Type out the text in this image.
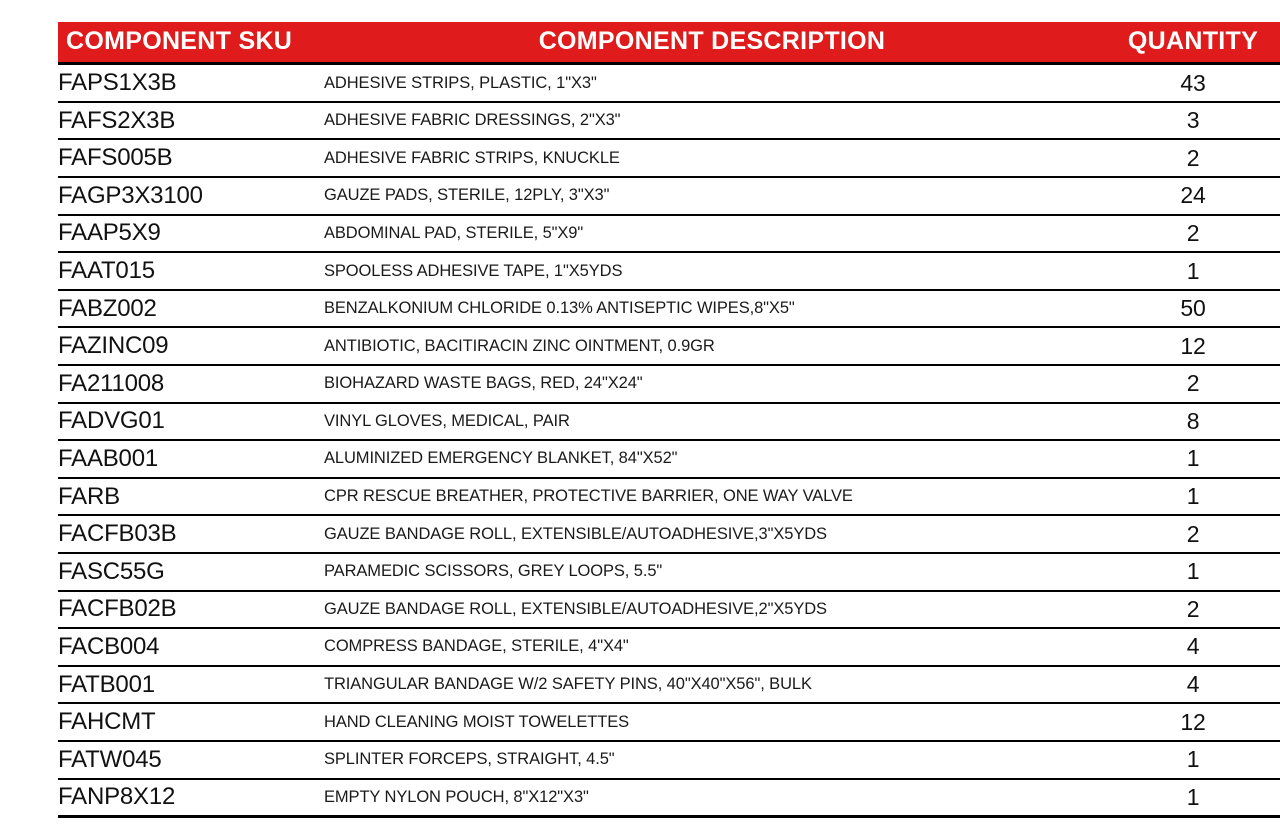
COMPONENT SKU	COMPONENT DESCRIPTION	QUANTITY
FAPS1X3B	ADHESIVE STRIPS, PLASTIC, 1"X3"	43
FAFS2X3B	ADHESIVE FABRIC DRESSINGS, 2"X3"	3
FAFS005B	ADHESIVE FABRIC STRIPS, KNUCKLE	2
FAGP3X3100	GAUZE PADS, STERILE, 12PLY, 3"X3"	24
FAAP5X9	ABDOMINAL PAD, STERILE, 5"X9"	2
FAAT015	SPOOLESS ADHESIVE TAPE, 1"X5YDS	1
FABZ002	BENZALKONIUM CHLORIDE 0.13% ANTISEPTIC WIPES,8"X5"	50
FAZINC09	ANTIBIOTIC, BACITIRACIN ZINC OINTMENT, 0.9GR	12
FA211008	BIOHAZARD WASTE BAGS, RED, 24"X24"	2
FADVG01	VINYL GLOVES, MEDICAL, PAIR	8
FAAB001	ALUMINIZED EMERGENCY BLANKET, 84"X52"	1
FARB	CPR RESCUE BREATHER, PROTECTIVE BARRIER, ONE WAY VALVE	1
FACFB03B	GAUZE BANDAGE ROLL, EXTENSIBLE/AUTOADHESIVE,3"X5YDS	2
FASC55G	PARAMEDIC SCISSORS, GREY LOOPS, 5.5"	1
FACFB02B	GAUZE BANDAGE ROLL, EXTENSIBLE/AUTOADHESIVE,2"X5YDS	2
FACB004	COMPRESS BANDAGE, STERILE, 4"X4"	4
FATB001	TRIANGULAR BANDAGE W/2 SAFETY PINS, 40"X40"X56", BULK	4
FAHCMT	HAND CLEANING MOIST TOWELETTES	12
FATW045	SPLINTER FORCEPS, STRAIGHT, 4.5"	1
FANP8X12	EMPTY NYLON POUCH, 8"X12"X3"	1
